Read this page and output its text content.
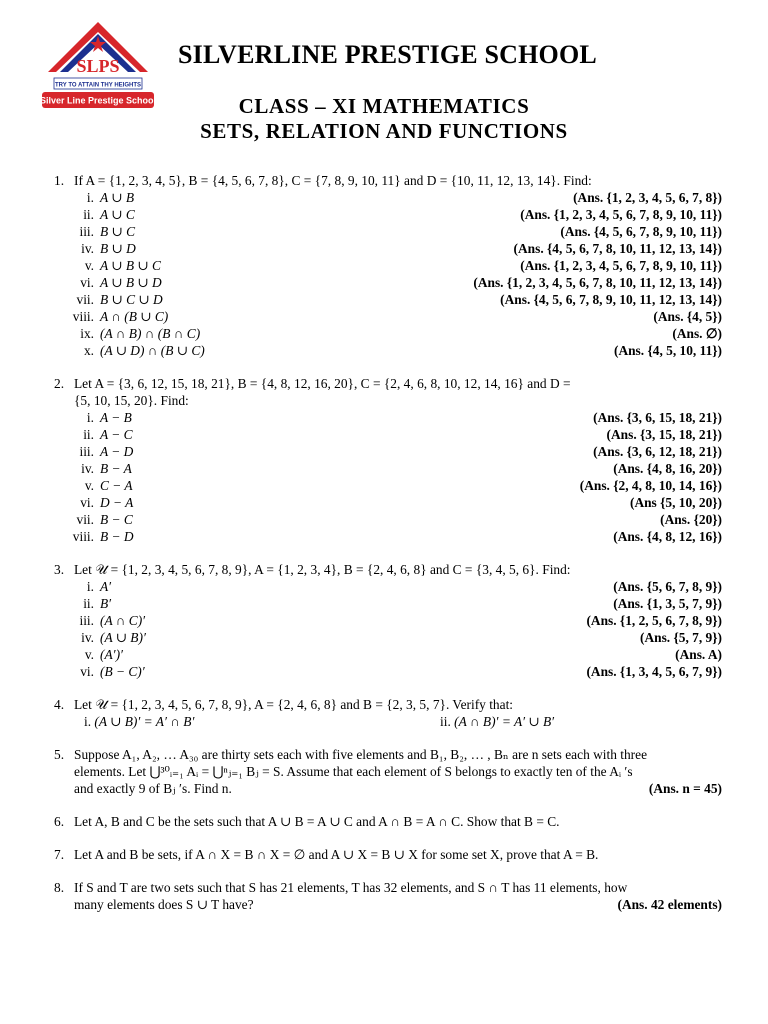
SLPS
TRY TO ATTAIN THY HEIGHTS
Silver Line Prestige School
SILVERLINE PRESTIGE SCHOOL
CLASS – XI MATHEMATICS
SETS, RELATION AND FUNCTIONS
1. If A = {1, 2, 3, 4, 5}, B = {4, 5, 6, 7, 8}, C = {7, 8, 9, 10, 11} and D = {10, 11, 12, 13, 14}. Find:
i. A ∪ B	(Ans. {1, 2, 3, 4, 5, 6, 7, 8})
ii. A ∪ C	(Ans. {1, 2, 3, 4, 5, 6, 7, 8, 9, 10, 11})
iii. B ∪ C	(Ans. {4, 5, 6, 7, 8, 9, 10, 11})
iv. B ∪ D	(Ans. {4, 5, 6, 7, 8, 10, 11, 12, 13, 14})
v. A ∪ B ∪ C	(Ans. {1, 2, 3, 4, 5, 6, 7, 8, 9, 10, 11})
vi. A ∪ B ∪ D	(Ans. {1, 2, 3, 4, 5, 6, 7, 8, 10, 11, 12, 13, 14})
vii. B ∪ C ∪ D	(Ans. {4, 5, 6, 7, 8, 9, 10, 11, 12, 13, 14})
viii. A ∩ (B ∪ C)	(Ans. {4, 5})
ix. (A ∩ B) ∩ (B ∩ C)	(Ans. ∅)
x. (A ∪ D) ∩ (B ∪ C)	(Ans. {4, 5, 10, 11})
2. Let A = {3, 6, 12, 15, 18, 21}, B = {4, 8, 12, 16, 20}, C = {2, 4, 6, 8, 10, 12, 14, 16} and D =
{5, 10, 15, 20}. Find:
i. A − B	(Ans. {3, 6, 15, 18, 21})
ii. A − C	(Ans. {3, 15, 18, 21})
iii. A − D	(Ans. {3, 6, 12, 18, 21})
iv. B − A	(Ans. {4, 8, 16, 20})
v. C − A	(Ans. {2, 4, 8, 10, 14, 16})
vi. D − A	(Ans {5, 10, 20})
vii. B − C	(Ans. {20})
viii. B − D	(Ans. {4, 8, 12, 16})
3. Let 𝒰 = {1, 2, 3, 4, 5, 6, 7, 8, 9}, A = {1, 2, 3, 4}, B = {2, 4, 6, 8} and C = {3, 4, 5, 6}. Find:
i. A′	(Ans. {5, 6, 7, 8, 9})
ii. B′	(Ans. {1, 3, 5, 7, 9})
iii. (A ∩ C)′	(Ans. {1, 2, 5, 6, 7, 8, 9})
iv. (A ∪ B)′	(Ans. {5, 7, 9})
v. (A′)′	(Ans. A)
vi. (B − C)′	(Ans. {1, 3, 4, 5, 6, 7, 9})
4. Let 𝒰 = {1, 2, 3, 4, 5, 6, 7, 8, 9}, A = {2, 4, 6, 8} and B = {2, 3, 5, 7}. Verify that:
i. (A ∪ B)′ = A′ ∩ B′	ii. (A ∩ B)′ = A′ ∪ B′
5. Suppose A₁, A₂, … A₃₀ are thirty sets each with five elements and B₁, B₂, … , Bₙ are n sets each with three
elements. Let ⋃³⁰ᵢ₌₁ Aᵢ = ⋃ⁿⱼ₌₁ Bⱼ = S. Assume that each element of S belongs to exactly ten of the Aᵢ ′s
and exactly 9 of Bⱼ ′s. Find n.	(Ans. n = 45)
6. Let A, B and C be the sets such that A ∪ B = A ∪ C and A ∩ B = A ∩ C. Show that B = C.
7. Let A and B be sets, if A ∩ X = B ∩ X = ∅ and A ∪ X = B ∪ X for some set X, prove that A = B.
8. If S and T are two sets such that S has 21 elements, T has 32 elements, and S ∩ T has 11 elements, how
many elements does S ∪ T have?	(Ans. 42 elements)
